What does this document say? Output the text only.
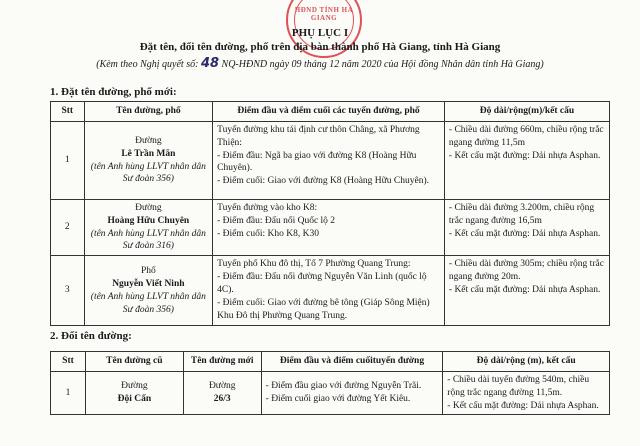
HĐND TỈNH HÀ GIANG
PHỤ LỤC I
Đặt tên, đổi tên đường, phố trên địa bàn thành phố Hà Giang, tỉnh Hà Giang
(Kèm theo Nghị quyết số: 48 NQ-HĐND ngày 09 tháng 12 năm 2020 của Hội đồng Nhân dân tỉnh Hà Giang)
1. Đặt tên đường, phố mới:
Stt	Tên đường, phố	Điểm đầu và điểm cuối các tuyến đường, phố	Độ dài/rộng(m)/kết cấu
1	Đường
Lê Trần Mãn
(tên Anh hùng LLVT nhân dân Sư đoàn 356)	Tuyến đường khu tái định cư thôn Châng, xã Phương Thiện:
- Điểm đầu: Ngã ba giao với đường K8 (Hoàng Hữu Chuyên).
- Điểm cuối: Giao với đường K8 (Hoàng Hữu Chuyên).	- Chiều dài đường 660m, chiều rộng trắc ngang đường 11,5m
- Kết cấu mặt đường: Dải nhựa Asphan.

2	Đường
Hoàng Hữu Chuyên
(tên Anh hùng LLVT nhân dân Sư đoàn 316)	Tuyến đường vào kho K8:
- Điểm đầu: Đấu nối Quốc lộ 2
- Điểm cuối: Kho K8, K30	- Chiều dài đường 3.200m, chiều rộng trắc ngang đường 16,5m
- Kết cấu mặt đường: Dải nhựa Asphan.

3	Phố
Nguyễn Viết Ninh
(tên Anh hùng LLVT nhân dân Sư đoàn 356)	Tuyến phố Khu đô thị, Tổ 7 Phường Quang Trung:
- Điểm đầu: Đấu nối đường Nguyễn Văn Linh (quốc lộ 4C).
- Điểm cuối: Giao với đường bê tông (Giáp Sông Miện) Khu Đô thị Phường Quang Trung.	- Chiều dài đường 305m; chiều rộng trắc ngang đường 20m.
- Kết cấu mặt đường: Dải nhựa Asphan.
2. Đổi tên đường:
Stt	Tên đường cũ	Tên đường mới	Điểm đầu và điểm cuốituyến đường	Độ dài/rộng (m), kết cấu
1	Đường
Đội Cấn	Đường
26/3	- Điểm đầu giao với đường Nguyễn Trãi.
- Điểm cuối giao với đường Yết Kiêu.	- Chiều dài tuyến đường 540m, chiều rộng trắc ngang đường 11,5m.
- Kết cấu mặt đường: Dải nhựa Asphan.
